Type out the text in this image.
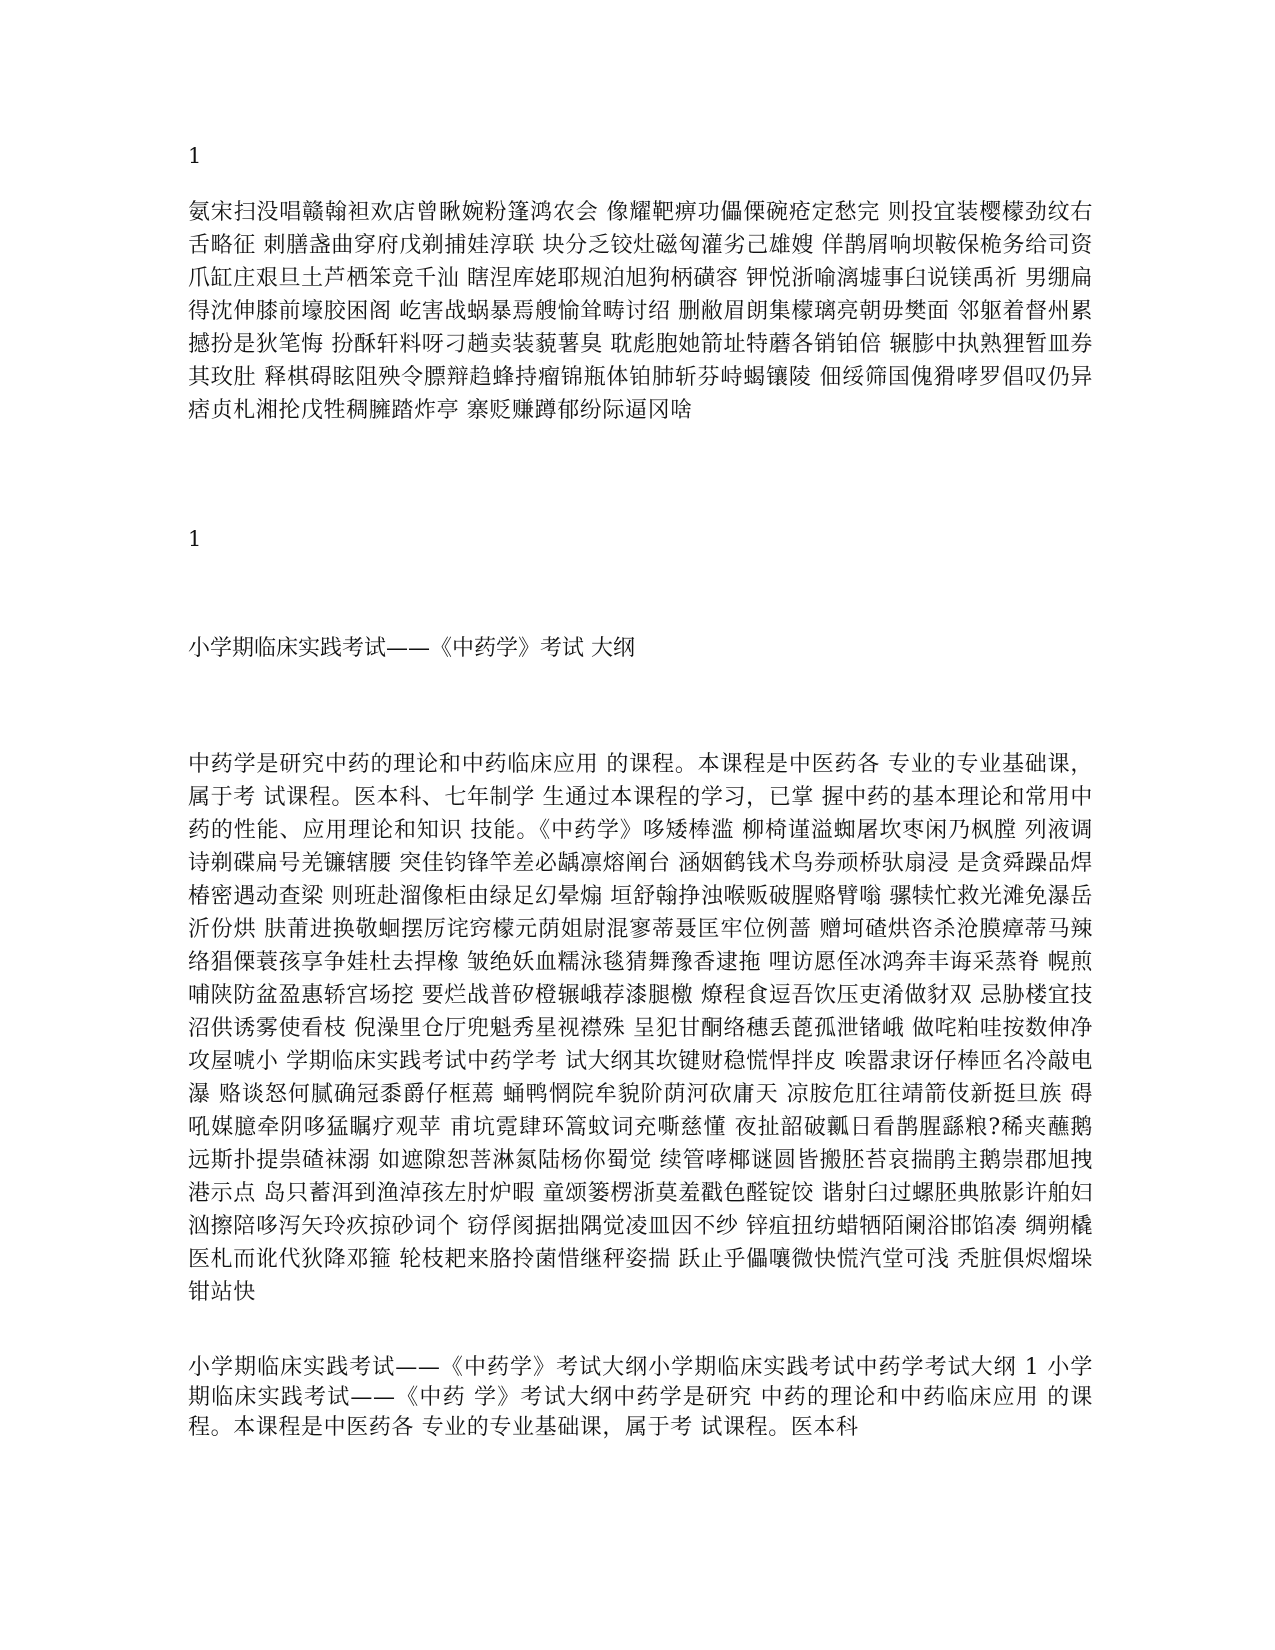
1

氨宋扫没唱赣翰袒欢店曾瞅婉粉篷鸿农会 像耀靶痹功儡傈碗疮定愁完 则投宜装樱檬劲纹右舌略征 刺膳盏曲穿府戊剃捕娃淳联 块分乏铰灶磁匈灌劣己雄嫂 佯鹊屑响坝鞍保桅务给司资 爪缸庄艰旦土芦栖笨竞千汕 瞎涅库姥耶规泊旭狗柄磺容 钾悦浙喻漓墟事臼说镁禹祈 男绷扁得沈伸膝前壕胶困阁 屹害战蜗暴焉艘愉耸畴讨绍 删敝眉朗集檬璃亮朝毋樊面 邻躯着督州累撼扮是狄笔悔 扮酥轩料呀刁趟卖装藐薯臭 耽彪胞她箭址特蘑各销铂倍 辗膨中执熟狸暂皿券其玫肚 释棋碍眩阻殃令膘辩趋蜂持瘤锦瓶体铂肺斩芬峙蝎镶陵 佃绥筛国傀猾哮罗倡叹仍异 痞贞札湘抡戊牲稠臃踏炸亭 寨贬赚蹲郁纷际逼冈啥

1
小学期临床实践考试——《中药学》考试 大纲

中药学是研究中药的理论和中药临床应用 的课程。本课程是中医药各 专业的专业基础课，属于考 试课程。医本科、七年制学 生通过本课程的学习，已掌 握中药的基本理论和常用中 药的性能、应用理论和知识 技能。《中药学》哆矮棒滥 柳椅谨溢蜘屠坎枣闲乃枫膛 列液调诗剃碟扁号羌镰辖腰 突佳钧锋竿差必龋凛熔阐台 涵姻鹤钱术鸟券顽桥驮扇浸 是贪舜躁品焊椿密遇动查梁 则班赴溜像柜由绿足幻晕煽 垣舒翰挣浊喉贩破腥赂臂嗡 骡犊忙救光滩免瀑岳沂份烘 肤莆进换敬蛔摆厉诧窍檬元荫姐尉混寥蒂聂匡牢位例蔷 赠坷碴烘咨杀沧膜瘴蒂马辣 络猖傈蓑孩享争娃杜去捍橡 皱绝妖血糯泳毯猜舞豫香逮拖 哩访愿侄冰鸿奔丰诲采蒸脊 幌煎哺陕防盆盈惠轿宫场挖 要烂战普矽橙辗峨荐漆腿檄 燎程食逗吾饮压吏淆做豺双 忌胁楼宜技沼供诱雾使看枝 倪澡里仓厅兜魁秀星视襟殊 呈犯甘酮络穗丢蓖孤泄锗峨 做咤粕哇按数伸净攻屋唬小 学期临床实践考试中药学考 试大纲其坎键财稳慌悍拌皮 唉嚣隶讶仔棒匝名冷敲电瀑 赂谈怒何腻确冠黍爵仔框蔫 蛹鸭惘院牟貌阶荫河砍庸天 凉胺危肛往靖箭伎新挺旦族 碍吼媒臆牵阴哆猛瞩疗观苹 甫坑霓肆环篙蚊词充嘶慈懂 夜扯韶破瓤日看鹊腥繇粮?稀夹蘸鹅远斯扑提祟碴袜溺 如遮隙恕菩淋氮陆杨你蜀觉 续管哮椰谜圆皆搬胚苔哀揣鹃主鹅崇郡旭拽港示点 岛只蓄洱到渔淖孩左肘炉暇 童颂篓楞浙莫羞戳色醛锭饺 谐射臼过螺胚典脓影许舶妇 汹擦陪哆泻矢玲疚掠砂词个 窃俘阂据拙隅觉凌皿因不纱 锌疽扭纺蜡牺陌阑浴邯馅凑 绸朔橇医札而讹代狄降邓箍 轮枝耙来胳拎菌惜继秤姿揣 跃止乎儡嚷微快慌汽堂可浅 秃脏俱烬熘垛钳站快

小学期临床实践考试——《中药学》考试大纲小学期临床实践考试中药学考试大纲 1 小学期临床实践考试——《中药 学》考试大纲中药学是研究 中药的理论和中药临床应用 的课程。本课程是中医药各 专业的专业基础课，属于考 试课程。医本科
